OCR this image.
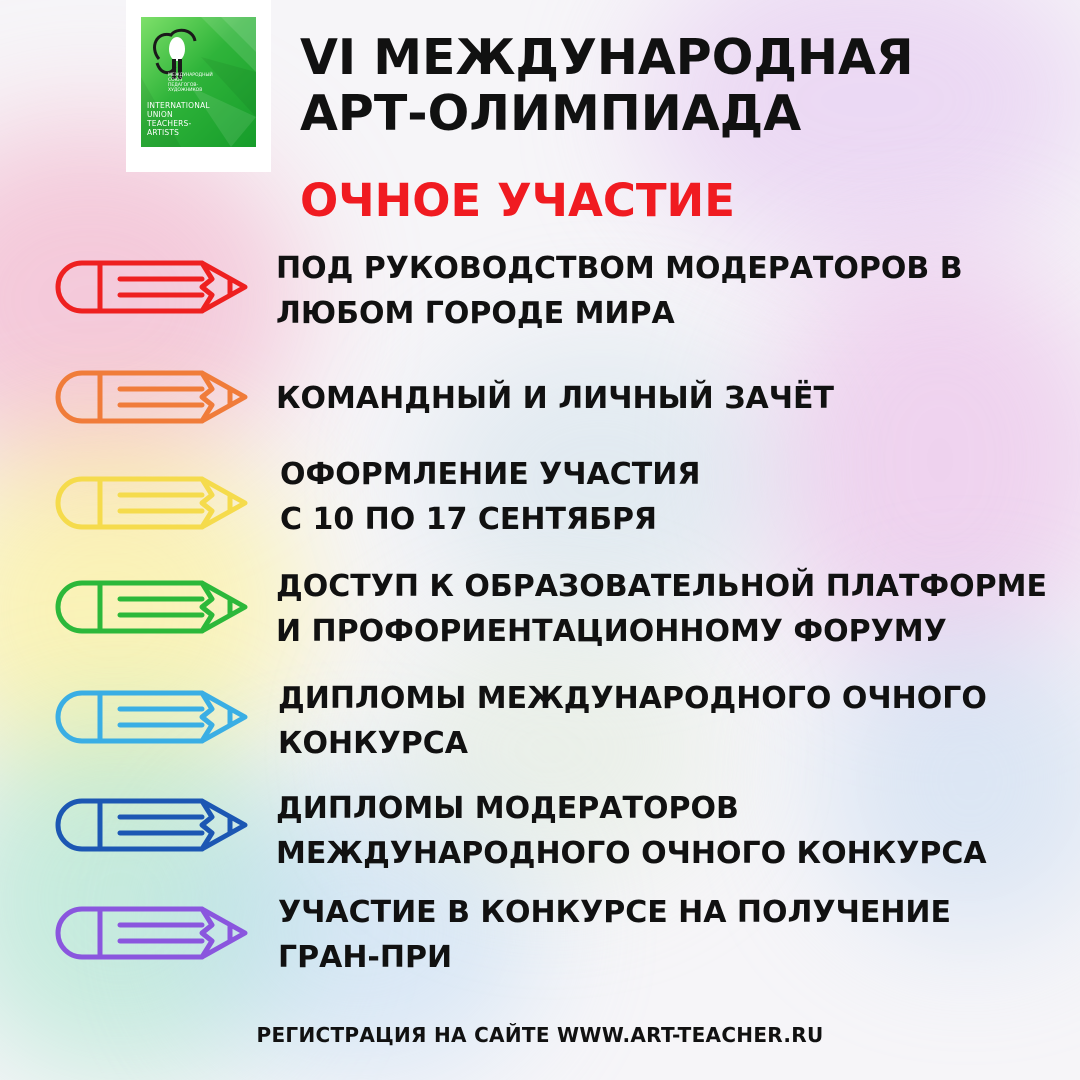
МЕЖДУНАРОДНЫЙ
СОЮЗ
ПЕДАГОГОВ-
ХУДОЖНИКОВ
INTERNATIONAL
UNION
TEACHERS-
ARTISTS
VI МЕЖДУНАРОДНАЯ
АРТ-ОЛИМПИАДА
ОЧНОЕ УЧАСТИЕ
ПОД РУКОВОДСТВОМ МОДЕРАТОРОВ В
ЛЮБОМ ГОРОДЕ МИРА
КОМАНДНЫЙ И ЛИЧНЫЙ ЗАЧЁТ
ОФОРМЛЕНИЕ УЧАСТИЯ
С 10 ПО 17 СЕНТЯБРЯ
ДОСТУП К ОБРАЗОВАТЕЛЬНОЙ ПЛАТФОРМЕ
И ПРОФОРИЕНТАЦИОННОМУ ФОРУМУ
ДИПЛОМЫ МЕЖДУНАРОДНОГО ОЧНОГО
КОНКУРСА
ДИПЛОМЫ МОДЕРАТОРОВ
МЕЖДУНАРОДНОГО ОЧНОГО КОНКУРСА
УЧАСТИЕ В КОНКУРСЕ НА ПОЛУЧЕНИЕ
ГРАН-ПРИ
РЕГИСТРАЦИЯ НА САЙТЕ WWW.ART-TEACHER.RU
